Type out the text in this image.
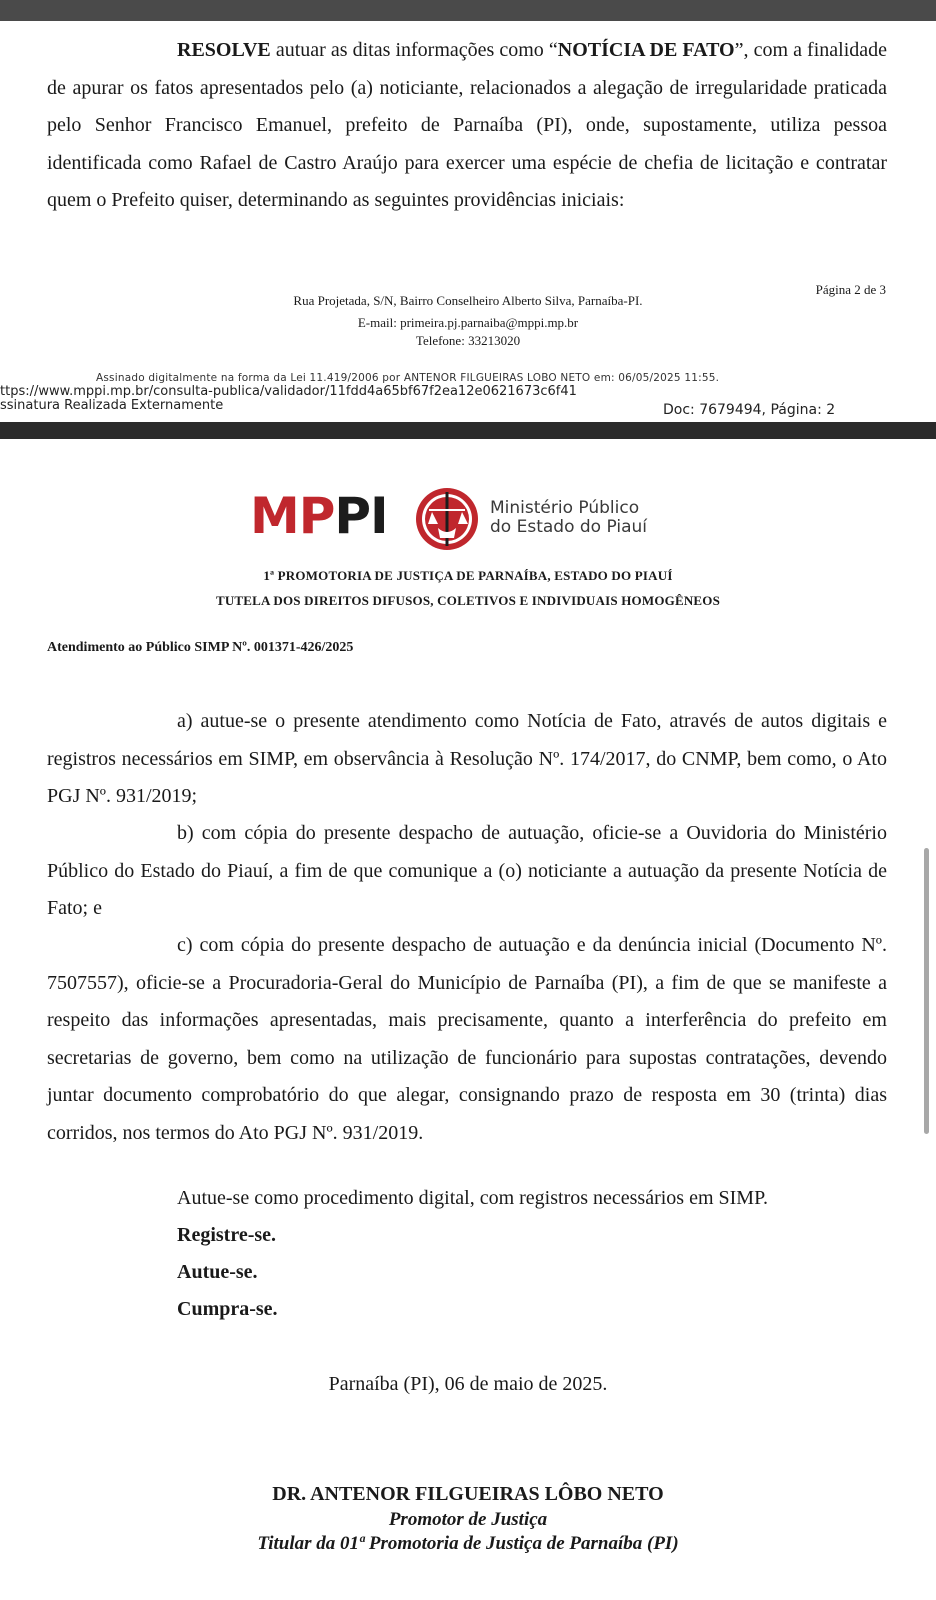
RESOLVE autuar as ditas informações como “NOTÍCIA DE FATO”, com a finalidade de apurar os fatos apresentados pelo (a) noticiante, relacionados a alegação de irregularidade praticada pelo Senhor Francisco Emanuel, prefeito de Parnaíba (PI), onde, supostamente, utiliza pessoa identificada como Rafael de Castro Araújo para exercer uma espécie de chefia de licitação e contratar quem o Prefeito quiser, determinando as seguintes providências iniciais:

Página 2 de 3
Rua Projetada, S/N, Bairro Conselheiro Alberto Silva, Parnaíba-PI.
E-mail: primeira.pj.parnaiba@mppi.mp.br
Telefone: 33213020
Assinado digitalmente na forma da Lei 11.419/2006 por ANTENOR FILGUEIRAS LOBO NETO em: 06/05/2025 11:55.
ttps://www.mppi.mp.br/consulta-publica/validador/11fdd4a65bf67f2ea12e0621673c6f41
ssinatura Realizada Externamente	Doc: 7679494, Página: 2
MPPI	Ministério Público
do Estado do Piauí
1ª PROMOTORIA DE JUSTIÇA DE PARNAÍBA, ESTADO DO PIAUÍ
TUTELA DOS DIREITOS DIFUSOS, COLETIVOS E INDIVIDUAIS HOMOGÊNEOS
Atendimento ao Público SIMP Nº. 001371-426/2025

a) autue-se o presente atendimento como Notícia de Fato, através de autos digitais e registros necessários em SIMP, em observância à Resolução Nº. 174/2017, do CNMP, bem como, o Ato PGJ Nº. 931/2019;

b) com cópia do presente despacho de autuação, oficie-se a Ouvidoria do Ministério Público do Estado do Piauí, a fim de que comunique a (o) noticiante a autuação da presente Notícia de Fato; e

c) com cópia do presente despacho de autuação e da denúncia inicial (Documento Nº. 7507557), oficie-se a Procuradoria-Geral do Município de Parnaíba (PI), a fim de que se manifeste a respeito das informações apresentadas, mais precisamente, quanto a interferência do prefeito em secretarias de governo, bem como na utilização de funcionário para supostas contratações, devendo juntar documento comprobatório do que alegar, consignando prazo de resposta em 30 (trinta) dias corridos, nos termos do Ato PGJ Nº. 931/2019.

Autue-se como procedimento digital, com registros necessários em SIMP.
Registre-se.
Autue-se.
Cumpra-se.
Parnaíba (PI), 06 de maio de 2025.
DR. ANTENOR FILGUEIRAS LÔBO NETO
Promotor de Justiça
Titular da 01ª Promotoria de Justiça de Parnaíba (PI)
